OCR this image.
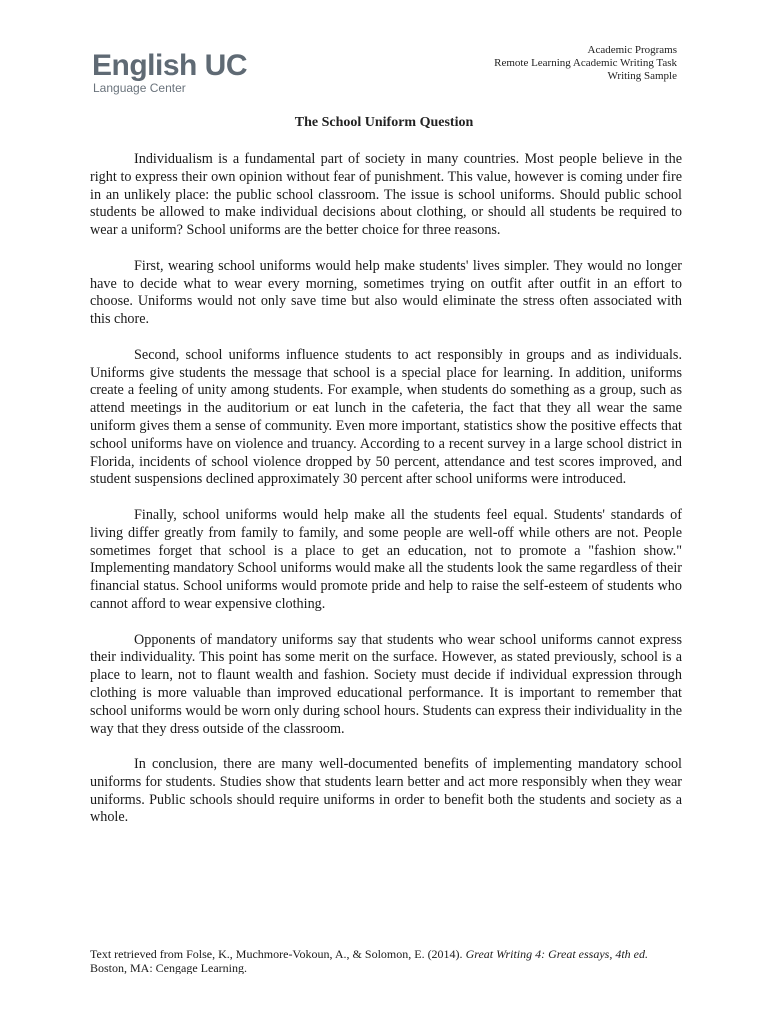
English UC
Language Center
Academic Programs
Remote Learning Academic Writing Task
Writing Sample
The School Uniform Question

Individualism is a fundamental part of society in many countries. Most people believe in the right to express their own opinion without fear of punishment. This value, however is coming under fire in an unlikely place: the public school classroom. The issue is school uniforms. Should public school students be allowed to make individual decisions about clothing, or should all students be required to wear a uniform? School uniforms are the better choice for three reasons.

First, wearing school uniforms would help make students' lives simpler. They would no longer have to decide what to wear every morning, sometimes trying on outfit after outfit in an effort to choose. Uniforms would not only save time but also would eliminate the stress often associated with this chore.

Second, school uniforms influence students to act responsibly in groups and as individuals. Uniforms give students the message that school is a special place for learning. In addition, uniforms create a feeling of unity among students. For example, when students do something as a group, such as attend meetings in the auditorium or eat lunch in the cafeteria, the fact that they all wear the same uniform gives them a sense of community. Even more important, statistics show the positive effects that school uniforms have on violence and truancy. According to a recent survey in a large school district in Florida, incidents of school violence dropped by 50 percent, attendance and test scores improved, and student suspensions declined approximately 30 percent after school uniforms were introduced.

Finally, school uniforms would help make all the students feel equal. Students' standards of living differ greatly from family to family, and some people are well-off while others are not. People sometimes forget that school is a place to get an education, not to promote a "fashion show." Implementing mandatory School uniforms would make all the students look the same regardless of their financial status. School uniforms would promote pride and help to raise the self-esteem of students who cannot afford to wear expensive clothing.

Opponents of mandatory uniforms say that students who wear school uniforms cannot express their individuality. This point has some merit on the surface. However, as stated previously, school is a place to learn, not to flaunt wealth and fashion. Society must decide if individual expression through clothing is more valuable than improved educational performance. It is important to remember that school uniforms would be worn only during school hours. Students can express their individuality in the way that they dress outside of the classroom.

In conclusion, there are many well-documented benefits of implementing mandatory school uniforms for students. Studies show that students learn better and act more responsibly when they wear uniforms. Public schools should require uniforms in order to benefit both the students and society as a whole.

Text retrieved from Folse, K., Muchmore-Vokoun, A., & Solomon, E. (2014). Great Writing 4: Great essays, 4th ed. Boston, MA: Cengage Learning.
